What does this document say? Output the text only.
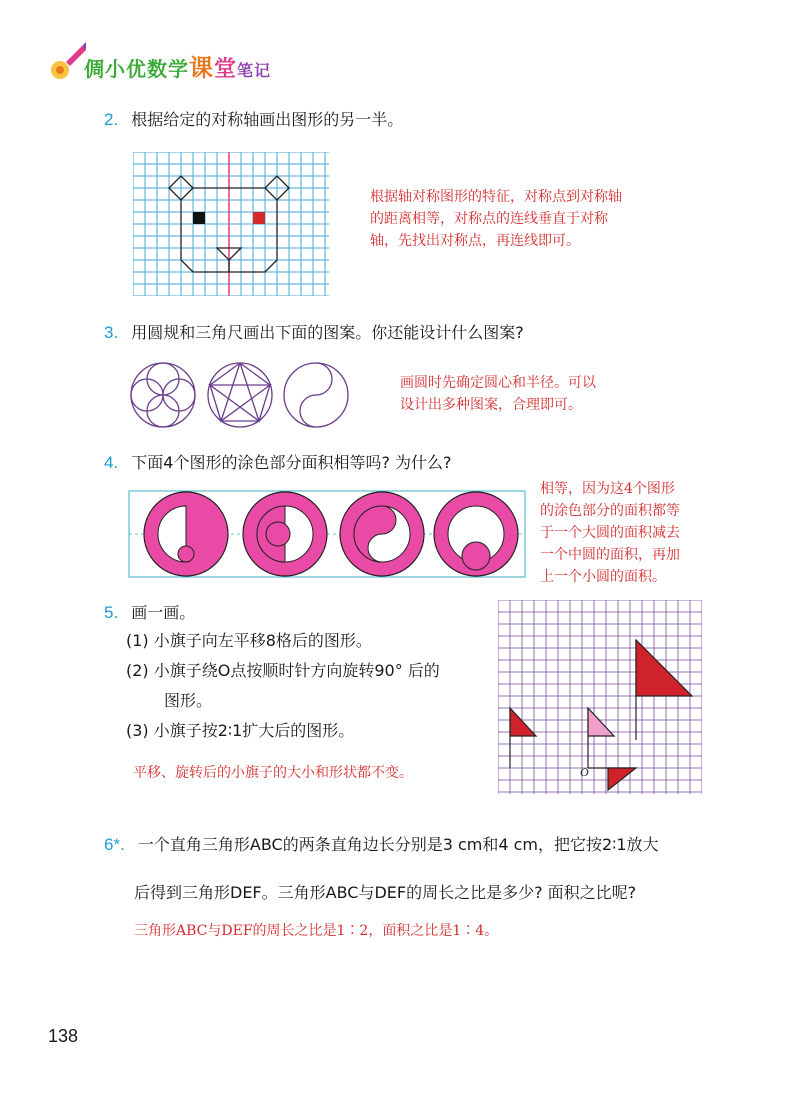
倜小优数学课堂笔记
2. 根据给定的对称轴画出图形的另一半。
根据轴对称图形的特征，对称点到对称轴
的距离相等，对称点的连线垂直于对称
轴，先找出对称点，再连线即可。
3. 用圆规和三角尺画出下面的图案。你还能设计什么图案?
画圆时先确定圆心和半径。可以
设计出多种图案，合理即可。
4. 下面4个图形的涂色部分面积相等吗? 为什么?
相等，因为这4个图形
的涂色部分的面积都等
于一个大圆的面积减去
一个中圆的面积，再加
上一个小圆的面积。
5. 画一画。
(1) 小旗子向左平移8格后的图形。
(2) 小旗子绕O点按顺时针方向旋转90° 后的
图形。
(3) 小旗子按2∶1扩大后的图形。
平移、旋转后的小旗子的大小和形状都不变。	O
6*. 一个直角三角形ABC的两条直角边长分别是3 cm和4 cm，把它按2∶1放大
后得到三角形DEF。三角形ABC与DEF的周长之比是多少? 面积之比呢?
三角形ABC与DEF的周长之比是1∶2，面积之比是1∶4。
138
